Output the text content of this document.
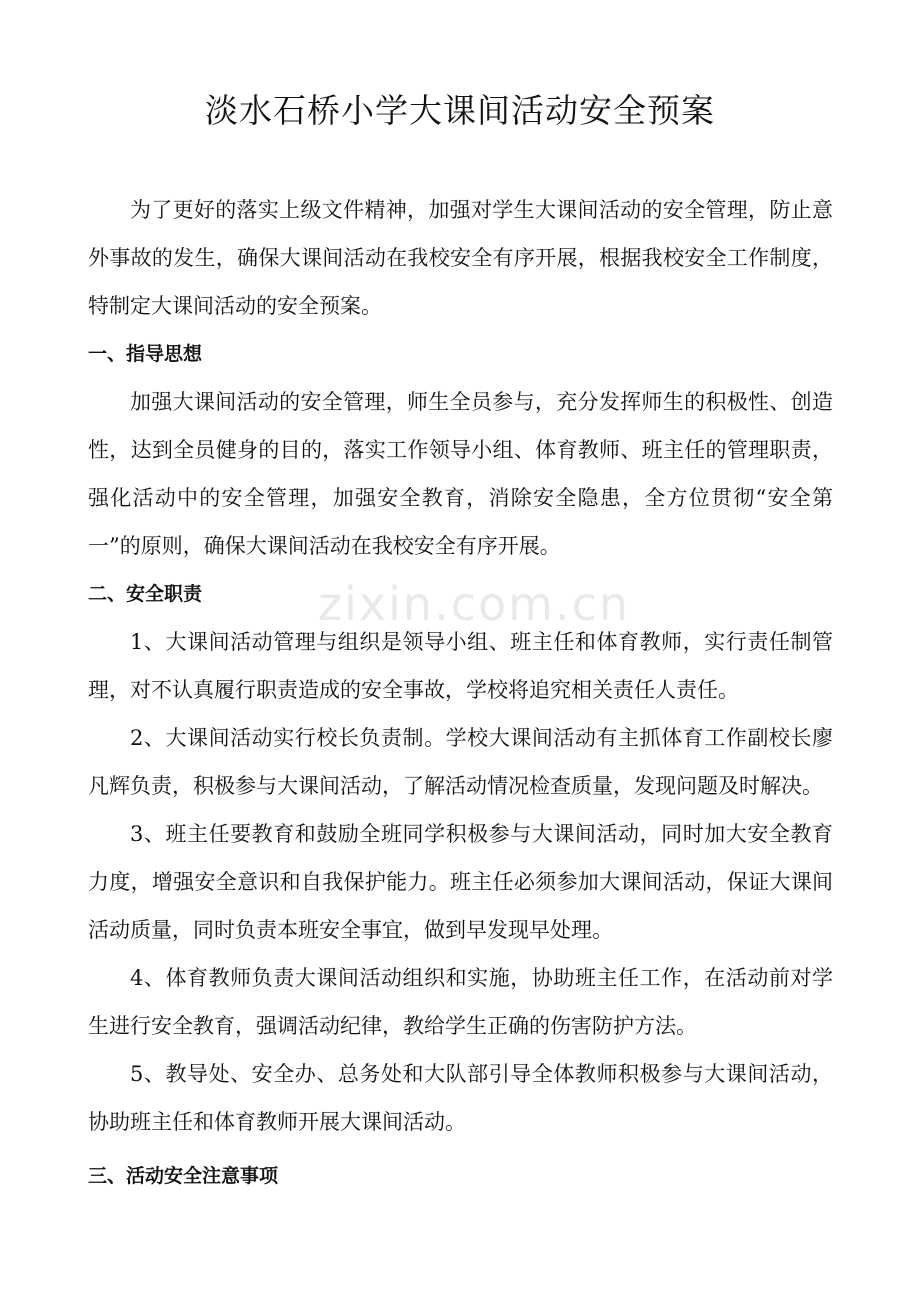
淡水石桥小学大课间活动安全预案

为了更好的落实上级文件精神，加强对学生大课间活动的安全管理，防止意外事故的发生，确保大课间活动在我校安全有序开展，根据我校安全工作制度，特制定大课间活动的安全预案。

一、指导思想

加强大课间活动的安全管理，师生全员参与，充分发挥师生的积极性、创造性，达到全员健身的目的，落实工作领导小组、体育教师、班主任的管理职责，强化活动中的安全管理，加强安全教育，消除安全隐患，全方位贯彻“安全第一”的原则，确保大课间活动在我校安全有序开展。

二、安全职责

1、大课间活动管理与组织是领导小组、班主任和体育教师，实行责任制管理，对不认真履行职责造成的安全事故，学校将追究相关责任人责任。

2、大课间活动实行校长负责制。学校大课间活动有主抓体育工作副校长廖凡辉负责，积极参与大课间活动，了解活动情况检查质量，发现问题及时解决。

3、班主任要教育和鼓励全班同学积极参与大课间活动，同时加大安全教育力度，增强安全意识和自我保护能力。班主任必须参加大课间活动，保证大课间活动质量，同时负责本班安全事宜，做到早发现早处理。

4、体育教师负责大课间活动组织和实施，协助班主任工作，在活动前对学生进行安全教育，强调活动纪律，教给学生正确的伤害防护方法。

5、教导处、安全办、总务处和大队部引导全体教师积极参与大课间活动，协助班主任和体育教师开展大课间活动。

三、活动安全注意事项
zixin.com.cn
